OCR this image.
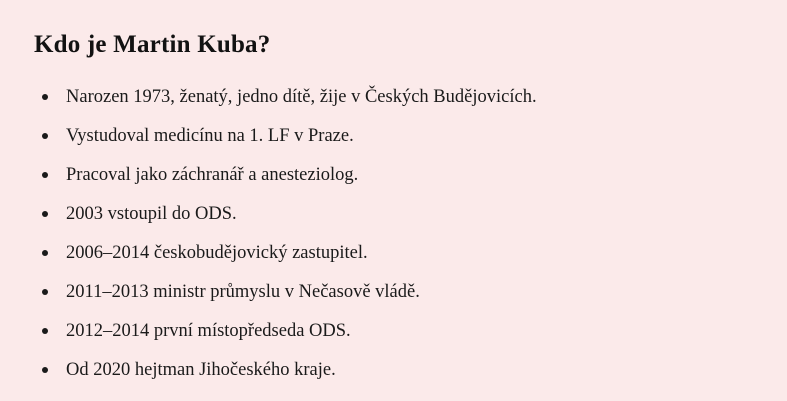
Kdo je Martin Kuba?
Narozen 1973, ženatý, jedno dítě, žije v Českých Budějovicích.
Vystudoval medicínu na 1. LF v Praze.
Pracoval jako záchranář a anesteziolog.
2003 vstoupil do ODS.
2006–2014 českobudějovický zastupitel.
2011–2013 ministr průmyslu v Nečasově vládě.
2012–2014 první místopředseda ODS.
Od 2020 hejtman Jihočeského kraje.
